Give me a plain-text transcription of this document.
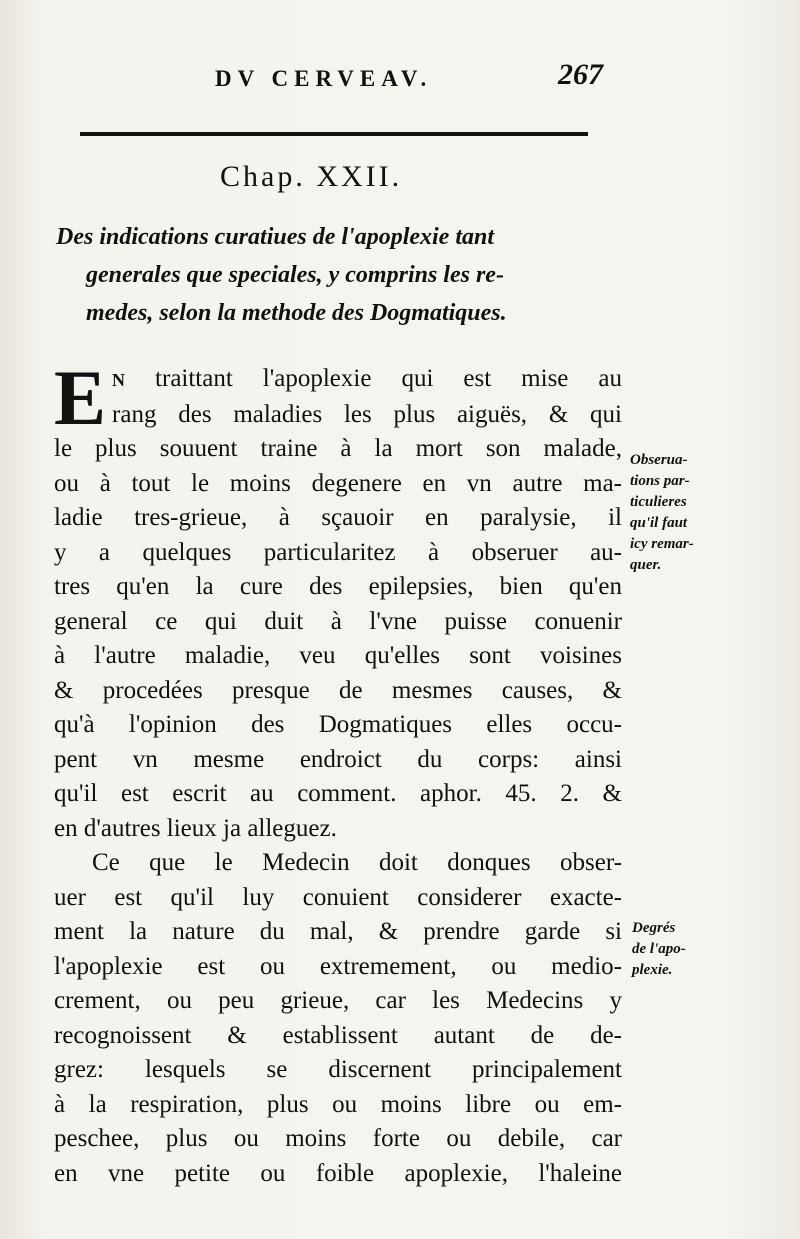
DV CERVEAV.	267
Chap. XXII.
Des indications curatiues de l'apoplexie tant
generales que speciales, y comprins les re-
medes, selon la methode des Dogmatiques.
E N traittant l'apoplexie qui est mise au
rang des maladies les plus aiguës, & qui
le plus souuent traine à la mort son malade,
ou à tout le moins degenere en vn autre ma-
ladie tres-grieue, à sçauoir en paralysie, il
y a quelques particularitez à obseruer au-
tres qu'en la cure des epilepsies, bien qu'en
general ce qui duit à l'vne puisse conuenir
à l'autre maladie, veu qu'elles sont voisines
& procedées presque de mesmes causes, &
qu'à l'opinion des Dogmatiques elles occu-
pent vn mesme endroict du corps: ainsi
qu'il est escrit au comment. aphor. 45. 2. &
en d'autres lieux ja alleguez.
Ce que le Medecin doit donques obser-
uer est qu'il luy conuient considerer exacte-
ment la nature du mal, & prendre garde si
l'apoplexie est ou extremement, ou medio-
crement, ou peu grieue, car les Medecins y
recognoissent & establissent autant de de-
grez: lesquels se discernent principalement
à la respiration, plus ou moins libre ou em-
peschee, plus ou moins forte ou debile, car
en vne petite ou foible apoplexie, l'haleine
Obserua-
tions par-
ticulieres
qu'il faut
icy remar-
quer.
Degrés
de l'apo-
plexie.
